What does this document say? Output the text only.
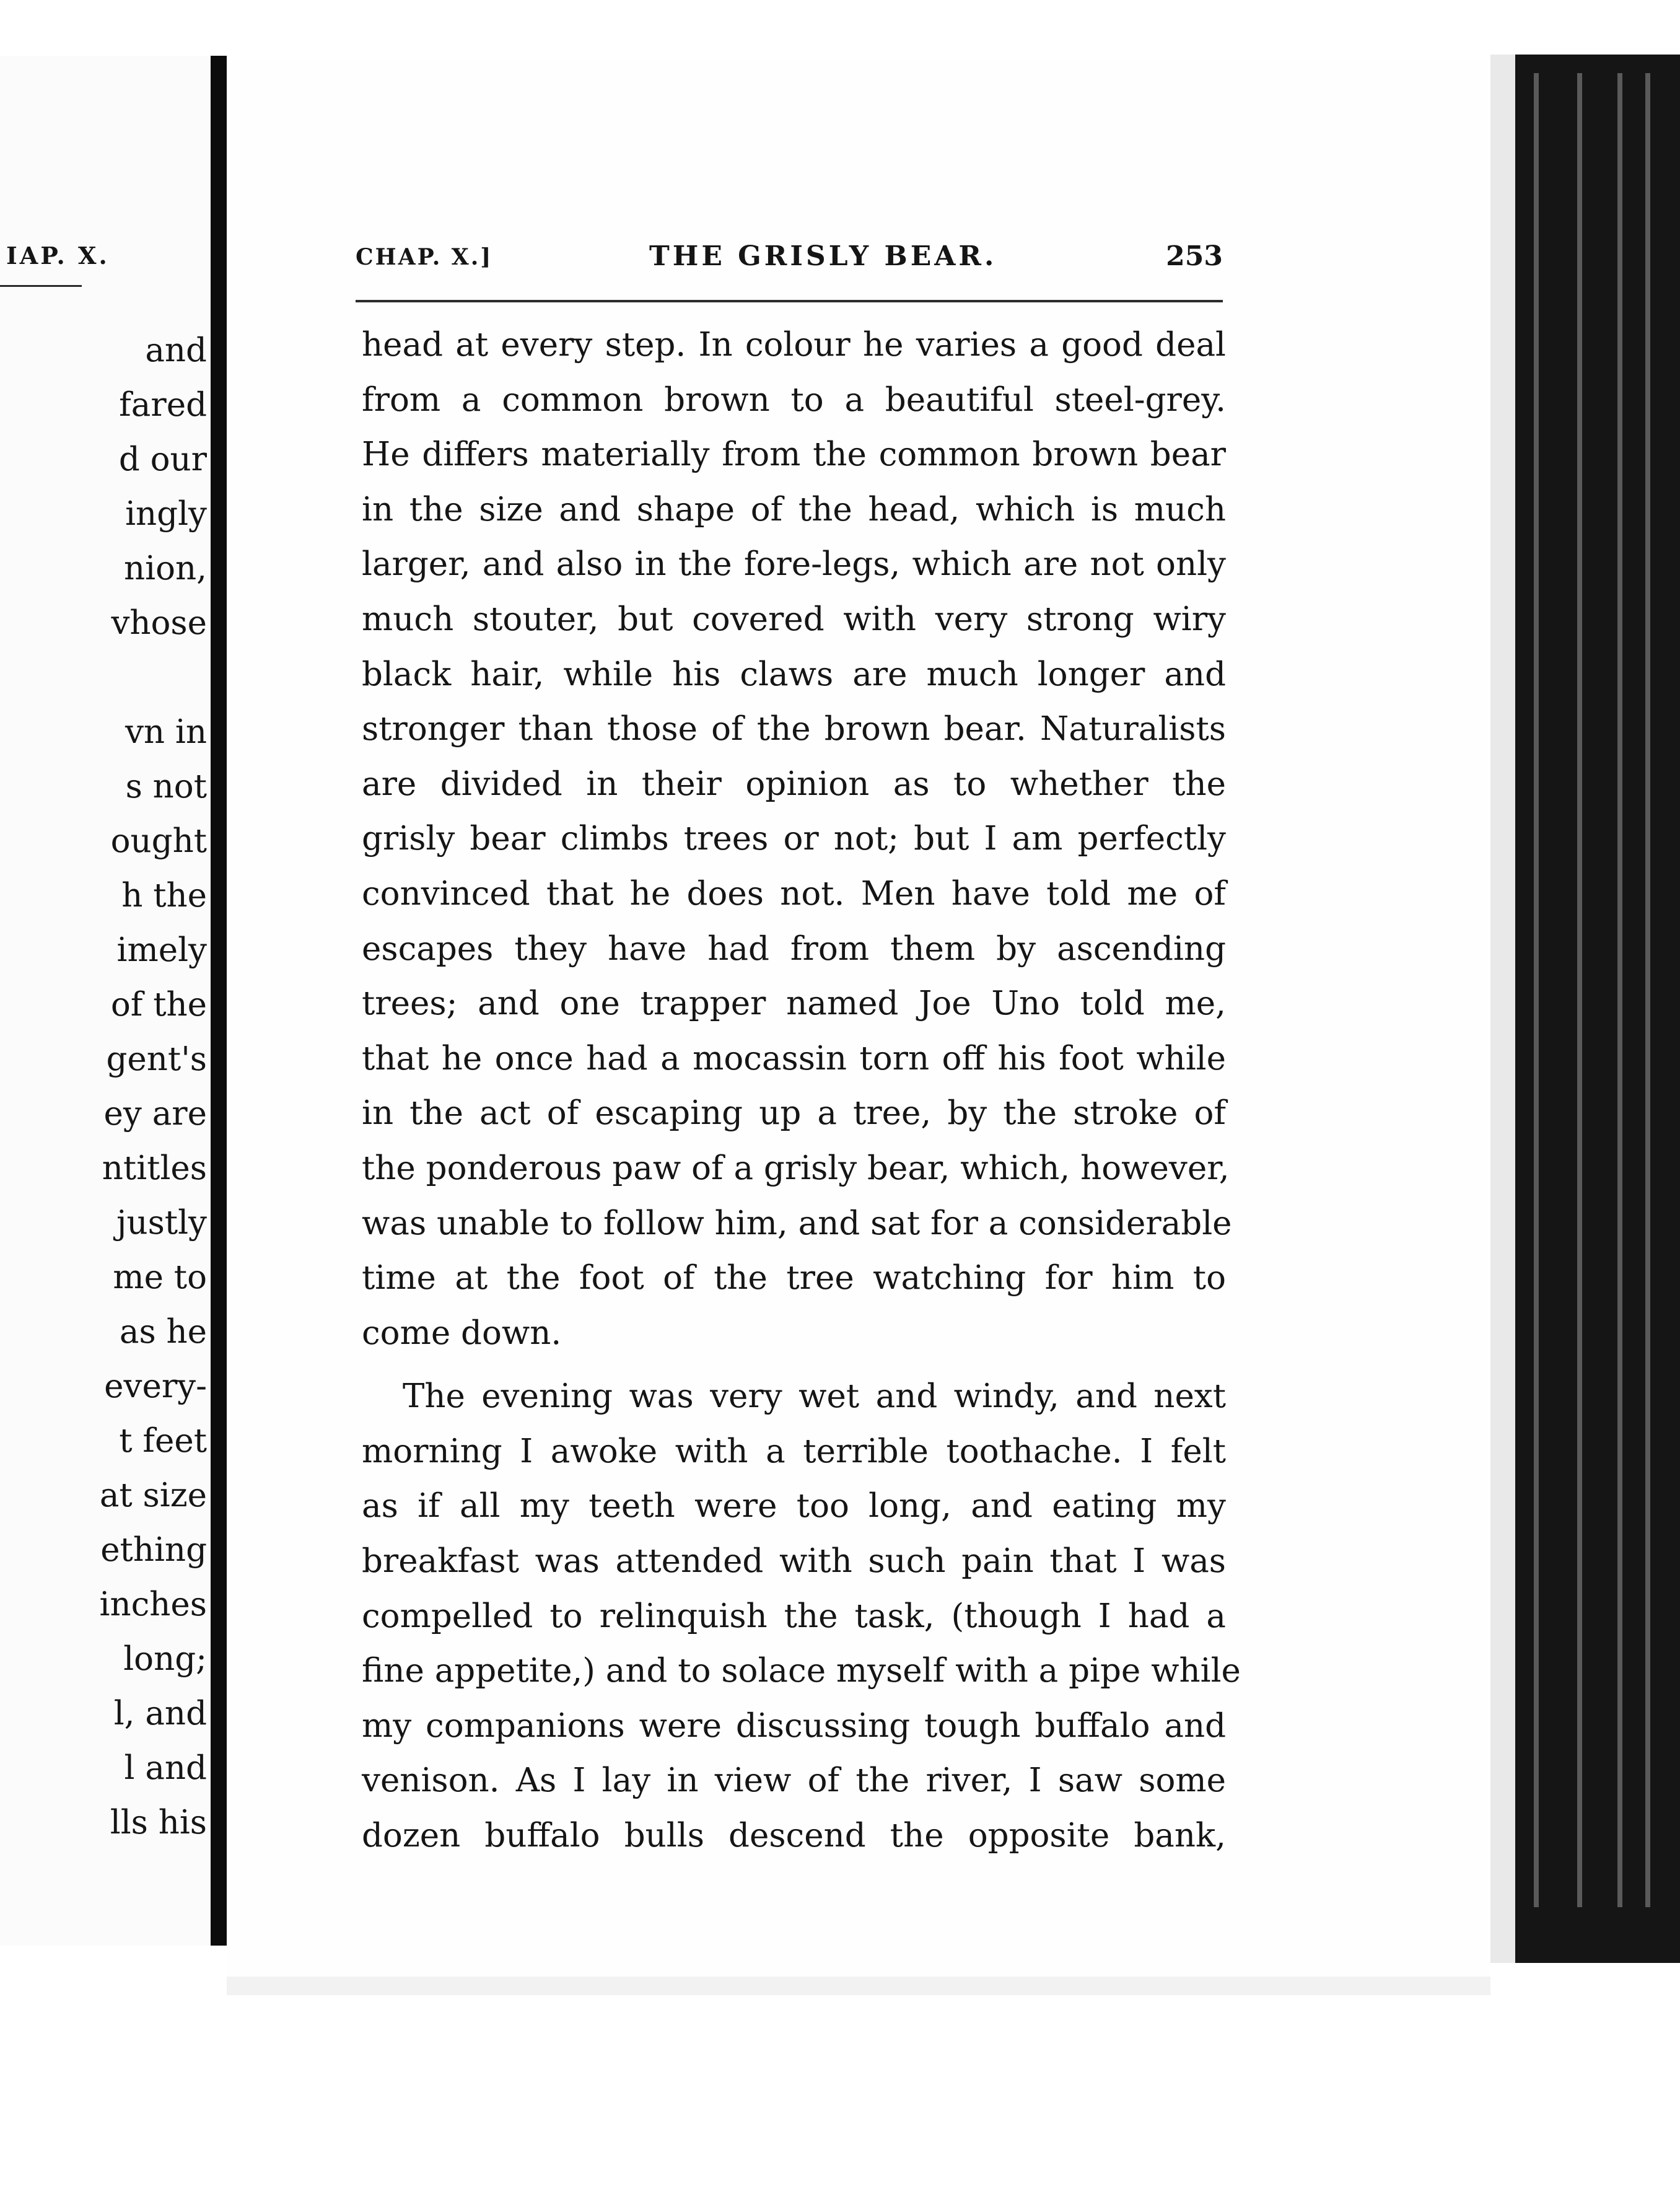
IAP. X.
and
fared
d our
ingly
nion,
vhose
vn in
s not
ought
h the
imely
of the
gent's
ey are
ntitles
justly
me to
as he
every-
t feet
at size
ething
inches
long;
l, and
l and
lls his
CHAP. X.]	THE GRISLY BEAR.	253
head at every step. In colour he varies a good deal
from a common brown to a beautiful steel-grey.
He differs materially from the common brown bear
in the size and shape of the head, which is much
larger, and also in the fore-legs, which are not only
much stouter, but covered with very strong wiry
black hair, while his claws are much longer and
stronger than those of the brown bear. Naturalists
are divided in their opinion as to whether the
grisly bear climbs trees or not; but I am perfectly
convinced that he does not. Men have told me of
escapes they have had from them by ascending
trees; and one trapper named Joe Uno told me,
that he once had a mocassin torn off his foot while
in the act of escaping up a tree, by the stroke of
the ponderous paw of a grisly bear, which, however,
was unable to follow him, and sat for a considerable
time at the foot of the tree watching for him to
come down.
The evening was very wet and windy, and next
morning I awoke with a terrible toothache. I felt
as if all my teeth were too long, and eating my
breakfast was attended with such pain that I was
compelled to relinquish the task, (though I had a
fine appetite,) and to solace myself with a pipe while
my companions were discussing tough buffalo and
venison. As I lay in view of the river, I saw some
dozen buffalo bulls descend the opposite bank,
